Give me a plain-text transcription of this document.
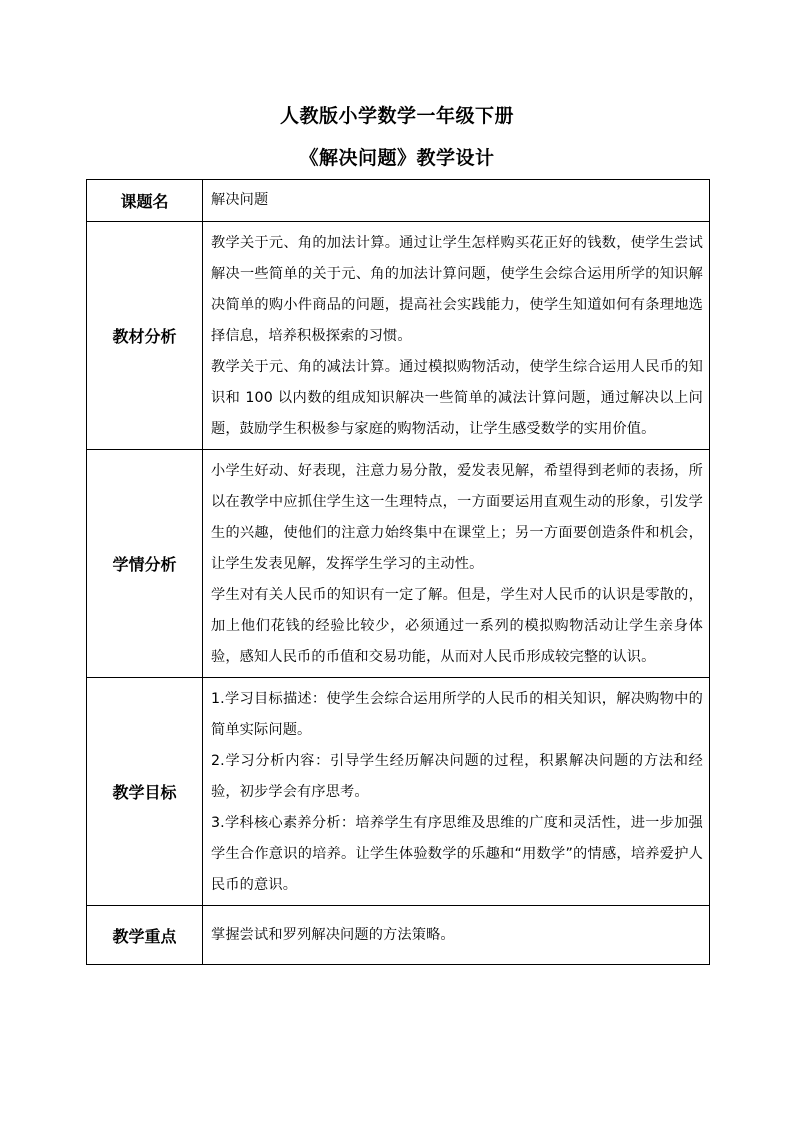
人教版小学数学一年级下册
《解决问题》教学设计
课题名	解决问题

教材分析	教学关于元、角的加法计算。通过让学生怎样购买花正好的钱数，使学生尝试解决一些简单的关于元、角的加法计算问题，使学生会综合运用所学的知识解决简单的购小件商品的问题，提高社会实践能力，使学生知道如何有条理地选择信息，培养积极探索的习惯。

教学关于元、角的减法计算。通过模拟购物活动，使学生综合运用人民币的知识和 100 以内数的组成知识解决一些简单的减法计算问题，通过解决以上问题，鼓励学生积极参与家庭的购物活动，让学生感受数学的实用价值。

学情分析	小学生好动、好表现，注意力易分散，爱发表见解，希望得到老师的表扬，所以在教学中应抓住学生这一生理特点，一方面要运用直观生动的形象，引发学生的兴趣，使他们的注意力始终集中在课堂上；另一方面要创造条件和机会，让学生发表见解，发挥学生学习的主动性。

学生对有关人民币的知识有一定了解。但是，学生对人民币的认识是零散的，加上他们花钱的经验比较少，必须通过一系列的模拟购物活动让学生亲身体验，感知人民币的币值和交易功能，从而对人民币形成较完整的认识。

教学目标	1.学习目标描述：使学生会综合运用所学的人民币的相关知识，解决购物中的简单实际问题。

2.学习分析内容：引导学生经历解决问题的过程，积累解决问题的方法和经验，初步学会有序思考。

3.学科核心素养分析：培养学生有序思维及思维的广度和灵活性，进一步加强学生合作意识的培养。让学生体验数学的乐趣和“用数学”的情感，培养爱护人民币的意识。

教学重点	掌握尝试和罗列解决问题的方法策略。
